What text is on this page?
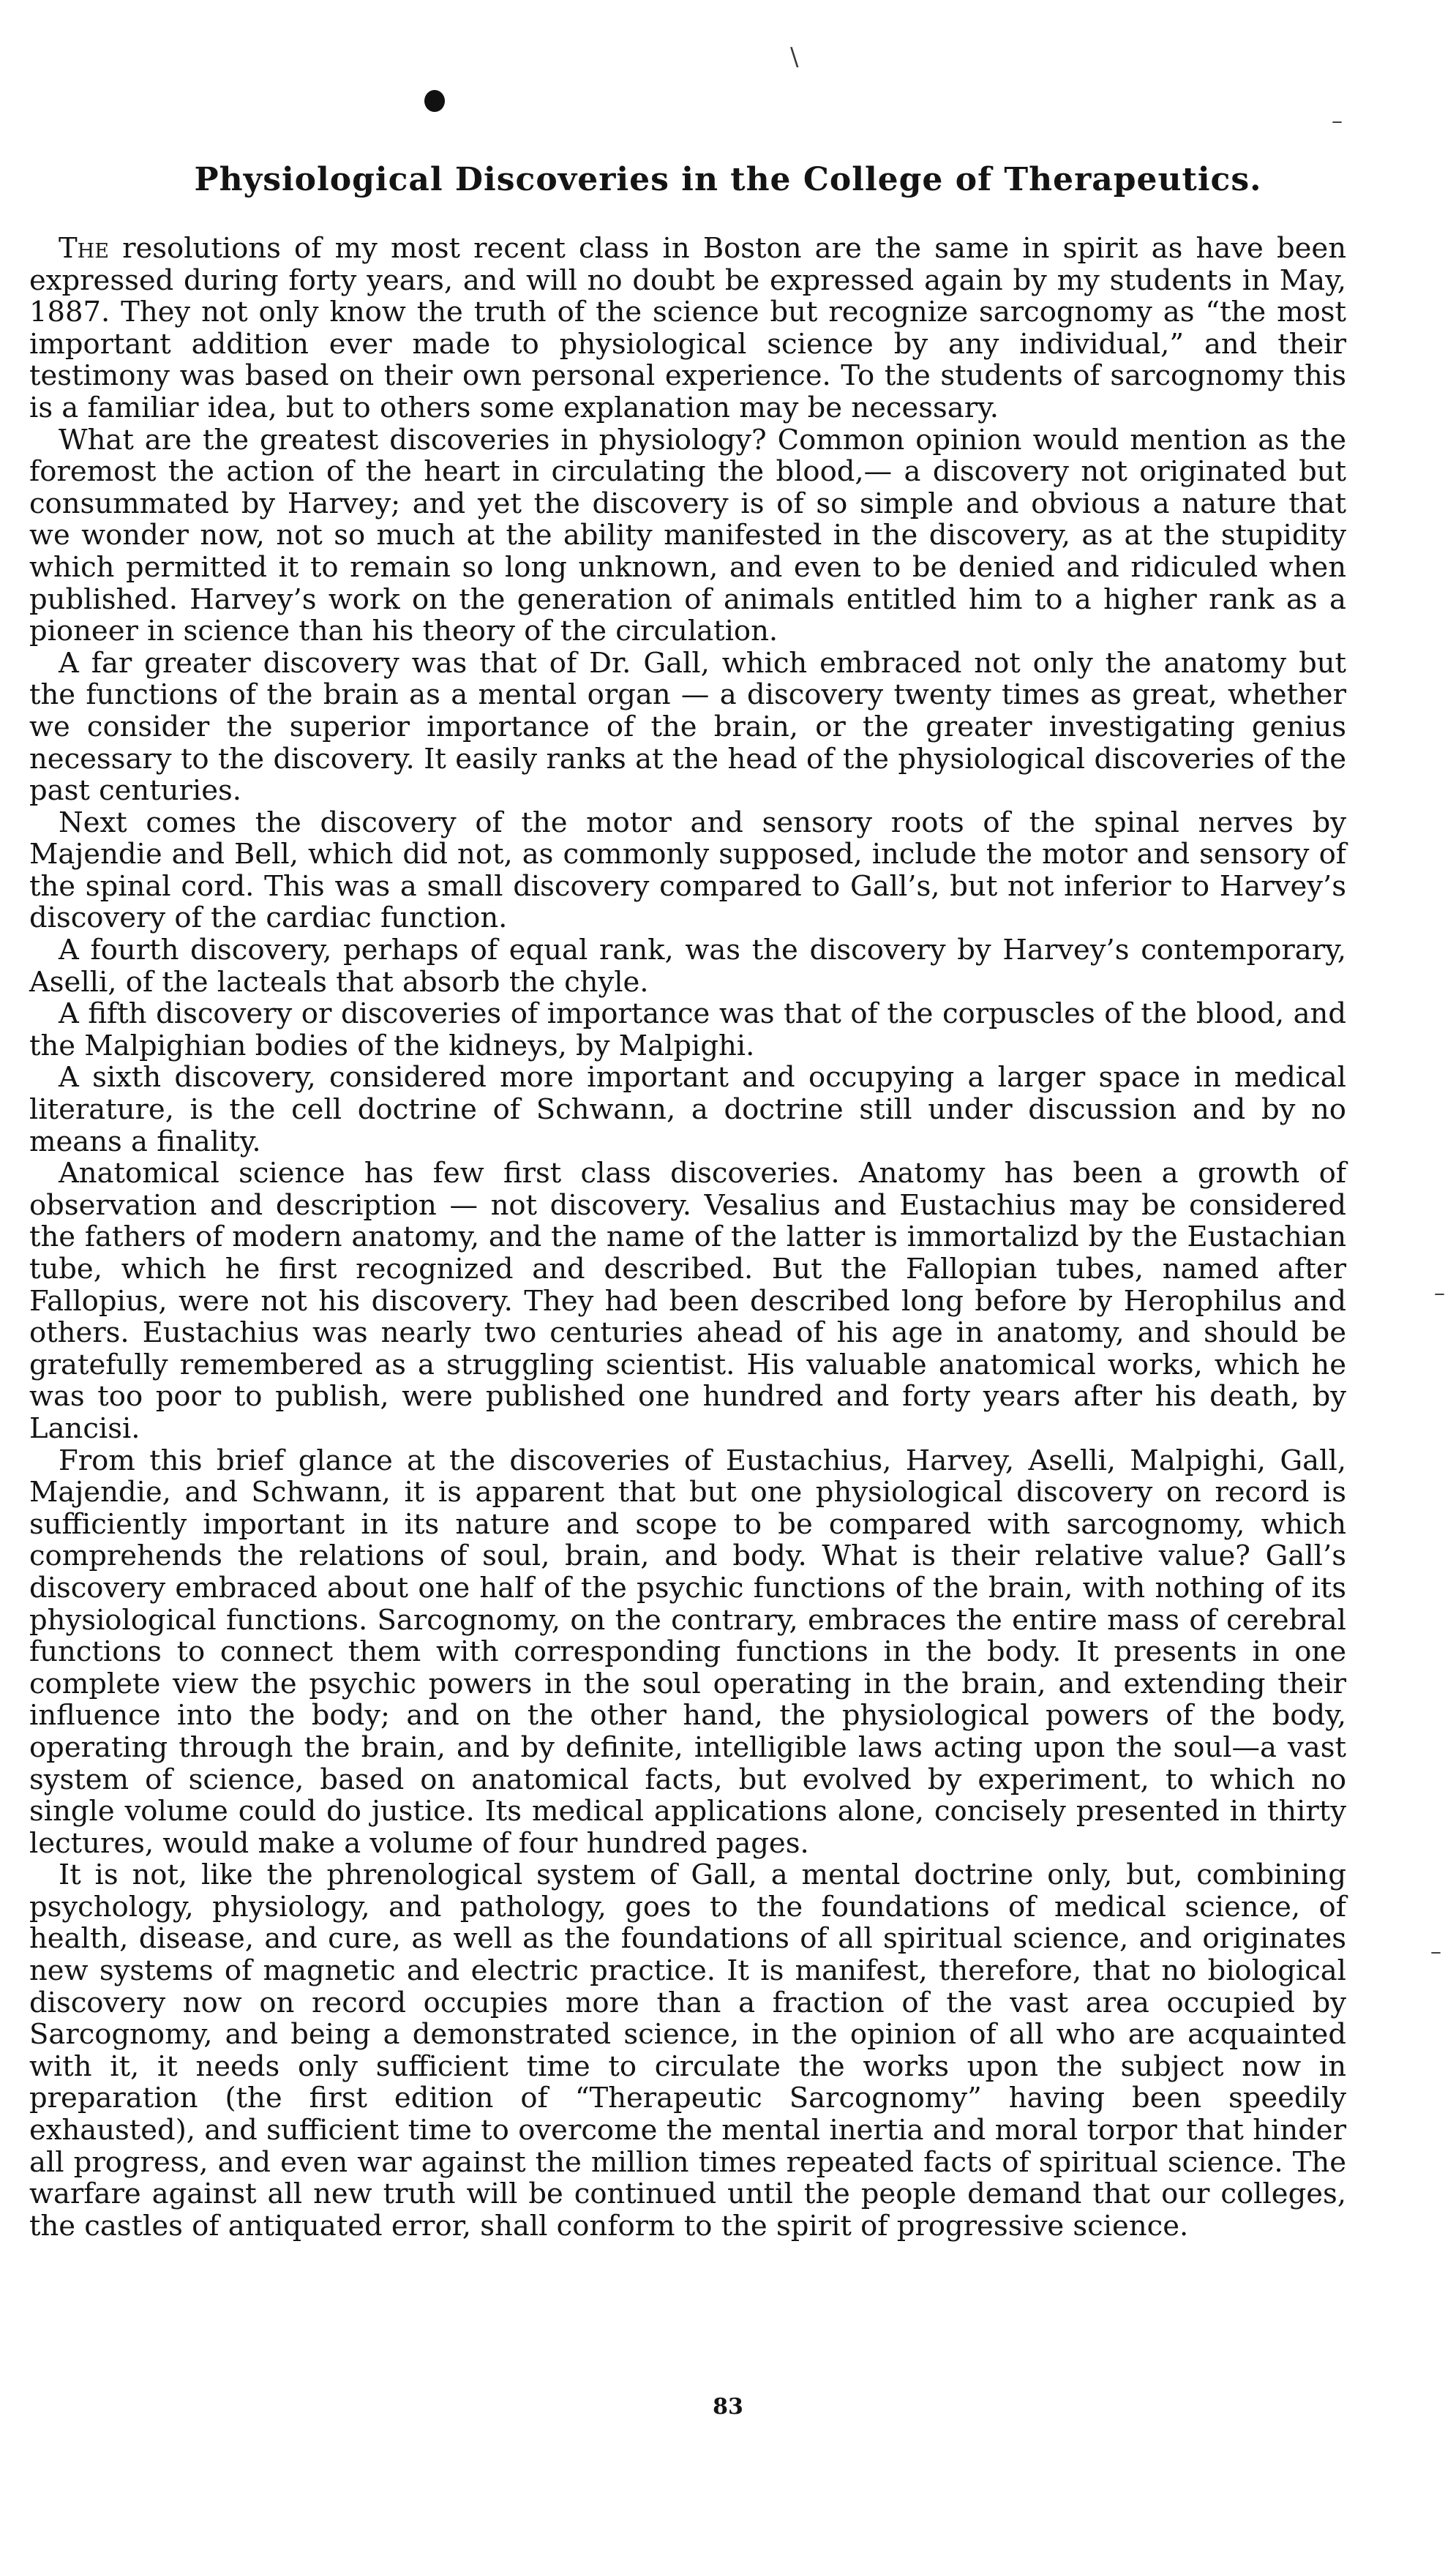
\
–
–
–
Physiological Discoveries in the College of Therapeutics.

The resolutions of my most recent class in Boston are the same in spirit as have been expressed during forty years, and will no doubt be expressed again by my students in May, 1887. They not only know the truth of the science but recognize sarcognomy as “the most important addition ever made to physiological science by any individual,” and their testimony was based on their own personal experience. To the students of sarcognomy this is a familiar idea, but to others some explanation may be necessary.

What are the greatest discoveries in physiology? Common opinion would mention as the foremost the action of the heart in circulating the blood,— a discovery not originated but consummated by Harvey; and yet the discovery is of so simple and obvious a nature that we wonder now, not so much at the ability manifested in the discovery, as at the stupidity which permitted it to remain so long unknown, and even to be denied and ridiculed when published. Harvey’s work on the generation of animals entitled him to a higher rank as a pioneer in science than his theory of the circulation.

A far greater discovery was that of Dr. Gall, which embraced not only the anatomy but the functions of the brain as a mental organ — a discovery twenty times as great, whether we consider the superior importance of the brain, or the greater investigating genius necessary to the discovery. It easily ranks at the head of the physiological discoveries of the past centuries.

Next comes the discovery of the motor and sensory roots of the spinal nerves by Majendie and Bell, which did not, as commonly supposed, include the motor and sensory of the spinal cord. This was a small discovery compared to Gall’s, but not inferior to Harvey’s discovery of the cardiac function.

A fourth discovery, perhaps of equal rank, was the discovery by Harvey’s contemporary, Aselli, of the lacteals that absorb the chyle.

A fifth discovery or discoveries of importance was that of the corpuscles of the blood, and the Malpighian bodies of the kidneys, by Malpighi.

A sixth discovery, considered more important and occupying a larger space in medical literature, is the cell doctrine of Schwann, a doctrine still under discussion and by no means a finality.

Anatomical science has few first class discoveries. Anatomy has been a growth of observation and description — not discovery. Vesalius and Eustachius may be considered the fathers of modern anatomy, and the name of the latter is immortalizd by the Eustachian tube, which he first recognized and described. But the Fallopian tubes, named after Fallopius, were not his discovery. They had been described long before by Herophilus and others. Eustachius was nearly two centuries ahead of his age in anatomy, and should be gratefully remembered as a struggling scientist. His valuable anatomical works, which he was too poor to publish, were published one hundred and forty years after his death, by Lancisi.

From this brief glance at the discoveries of Eustachius, Harvey, Aselli, Malpighi, Gall, Majendie, and Schwann, it is apparent that but one physiological discovery on record is sufficiently important in its nature and scope to be compared with sarcognomy, which comprehends the relations of soul, brain, and body. What is their relative value? Gall’s discovery embraced about one half of the psychic functions of the brain, with nothing of its physiological functions. Sarcognomy, on the contrary, embraces the entire mass of cerebral functions to connect them with corresponding functions in the body. It presents in one complete view the psychic powers in the soul operating in the brain, and extending their influence into the body; and on the other hand, the physiological powers of the body, operating through the brain, and by definite, intelligible laws acting upon the soul—a vast system of science, based on anatomical facts, but evolved by experiment, to which no single volume could do justice. Its medical applications alone, concisely presented in thirty lectures, would make a volume of four hundred pages.

It is not, like the phrenological system of Gall, a mental doctrine only, but, combining psychology, physiology, and pathology, goes to the foundations of medical science, of health, disease, and cure, as well as the foundations of all spiritual science, and originates new systems of magnetic and electric practice. It is manifest, therefore, that no biological discovery now on record occupies more than a fraction of the vast area occupied by Sarcognomy, and being a demonstrated science, in the opinion of all who are acquainted with it, it needs only sufficient time to circulate the works upon the subject now in preparation (the first edition of “Therapeutic Sarcognomy” having been speedily exhausted), and sufficient time to overcome the mental inertia and moral torpor that hinder all progress, and even war against the million times repeated facts of spiritual science. The warfare against all new truth will be continued until the people demand that our colleges, the castles of antiquated error, shall conform to the spirit of progressive science.

83
